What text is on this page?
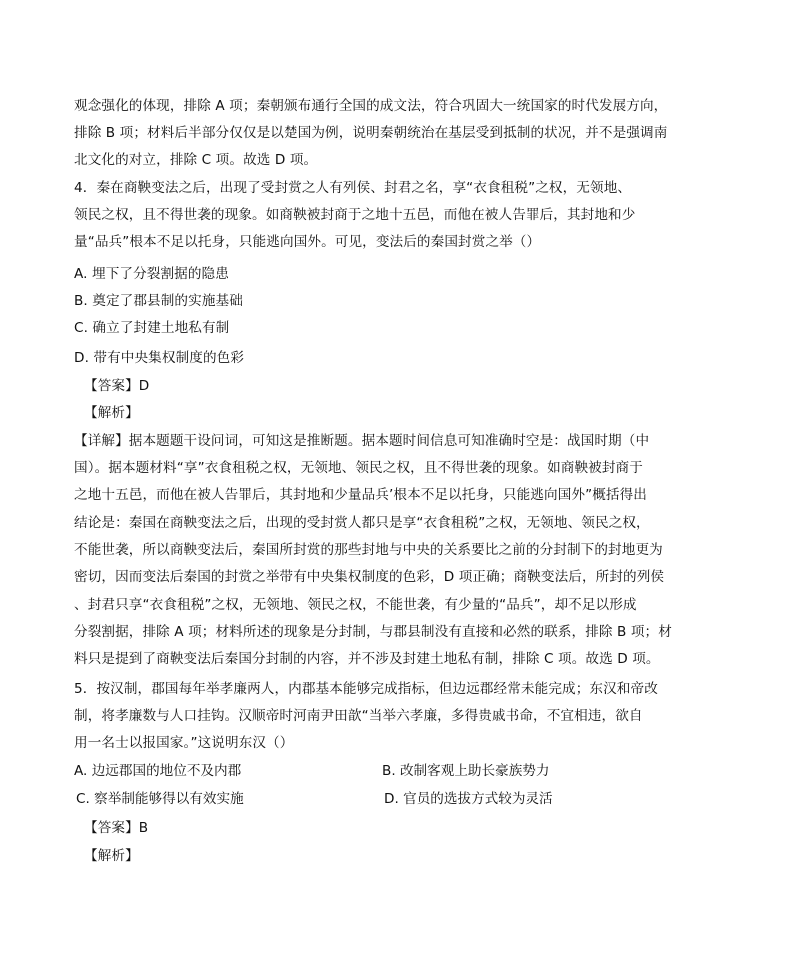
观念强化的体现，排除 A 项；秦朝颁布通行全国的成文法，符合巩固大一统国家的时代发展方向，
排除 B 项；材料后半部分仅仅是以楚国为例，说明秦朝统治在基层受到抵制的状况，并不是强调南
北文化的对立，排除 C 项。故选 D 项。
4．秦在商鞅变法之后，出现了受封赏之人有列侯、封君之名，享“衣食租税”之权，无领地、
领民之权，且不得世袭的现象。如商鞅被封商于之地十五邑，而他在被人告罪后，其封地和少
量“品兵”根本不足以托身，只能逃向国外。可见，变法后的秦国封赏之举（）
A. 埋下了分裂割据的隐患
B. 奠定了郡县制的实施基础
C. 确立了封建土地私有制
D. 带有中央集权制度的色彩
【答案】D
【解析】
【详解】据本题题干设问词，可知这是推断题。据本题时间信息可知准确时空是：战国时期（中
国）。据本题材料“享”衣食租税之权，无领地、领民之权，且不得世袭的现象。如商鞅被封商于
之地十五邑，而他在被人告罪后，其封地和少量品兵’根本不足以托身，只能逃向国外”概括得出
结论是：秦国在商鞅变法之后，出现的受封赏人都只是享“衣食租税”之权，无领地、领民之权，
不能世袭，所以商鞅变法后，秦国所封赏的那些封地与中央的关系要比之前的分封制下的封地更为
密切，因而变法后秦国的封赏之举带有中央集权制度的色彩，D 项正确；商鞅变法后，所封的列侯
、封君只享“衣食租税”之权，无领地、领民之权，不能世袭，有少量的“品兵”，却不足以形成
分裂割据，排除 A 项；材料所述的现象是分封制，与郡县制没有直接和必然的联系，排除 B 项；材
料只是提到了商鞅变法后秦国分封制的内容，并不涉及封建土地私有制，排除 C 项。故选 D 项。
5．按汉制，郡国每年举孝廉两人，内郡基本能够完成指标，但边远郡经常未能完成；东汉和帝改
制，将孝廉数与人口挂钩。汉顺帝时河南尹田歆“当举六孝廉，多得贵戚书命，不宜相违，欲自
用一名士以报国家。”这说明东汉（）
A. 边远郡国的地位不及内郡	B. 改制客观上助长豪族势力
C. 察举制能够得以有效实施	D. 官员的选拔方式较为灵活
【答案】B
【解析】
